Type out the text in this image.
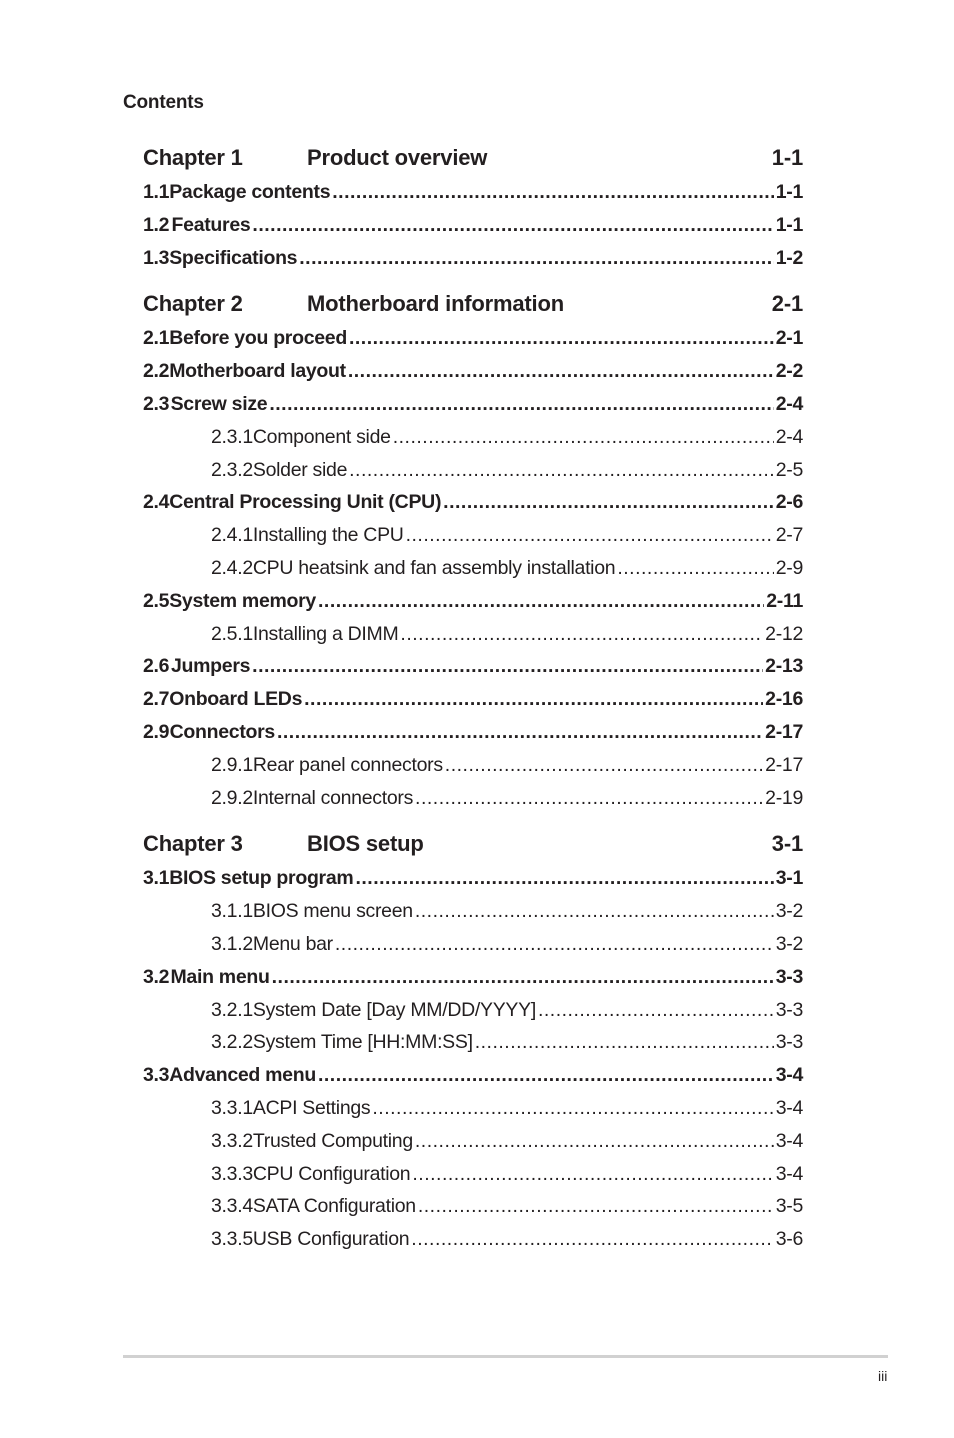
Contents
Chapter 1	Product overview	1-1
1.1 Package contents .....	1-1
1.2 Features .....	1-1
1.3 Specifications .....	1-2
Chapter 2	Motherboard information	2-1
2.1 Before you proceed .....	2-1
2.2 Motherboard layout .....	2-2
2.3 Screw size .....	2-4
2.3.1 Component side .....	2-4
2.3.2 Solder side .....	2-5
2.4 Central Processing Unit (CPU) .....	2-6
2.4.1 Installing the CPU .....	2-7
2.4.2 CPU heatsink and fan assembly installation .....	2-9
2.5 System memory .....	2-11
2.5.1 Installing a DIMM .....	2-12
2.6 Jumpers .....	2-13
2.7 Onboard LEDs .....	2-16
2.9 Connectors .....	2-17
2.9.1 Rear panel connectors .....	2-17
2.9.2 Internal connectors .....	2-19
Chapter 3	BIOS setup	3-1
3.1 BIOS setup program .....	3-1
3.1.1 BIOS menu screen .....	3-2
3.1.2 Menu bar .....	3-2
3.2 Main menu .....	3-3
3.2.1 System Date [Day MM/DD/YYYY] .....	3-3
3.2.2 System Time [HH:MM:SS] .....	3-3
3.3 Advanced menu .....	3-4
3.3.1 ACPI Settings .....	3-4
3.3.2 Trusted Computing .....	3-4
3.3.3 CPU Configuration .....	3-4
3.3.4 SATA Configuration .....	3-5
3.3.5 USB Configuration .....	3-6
iii
